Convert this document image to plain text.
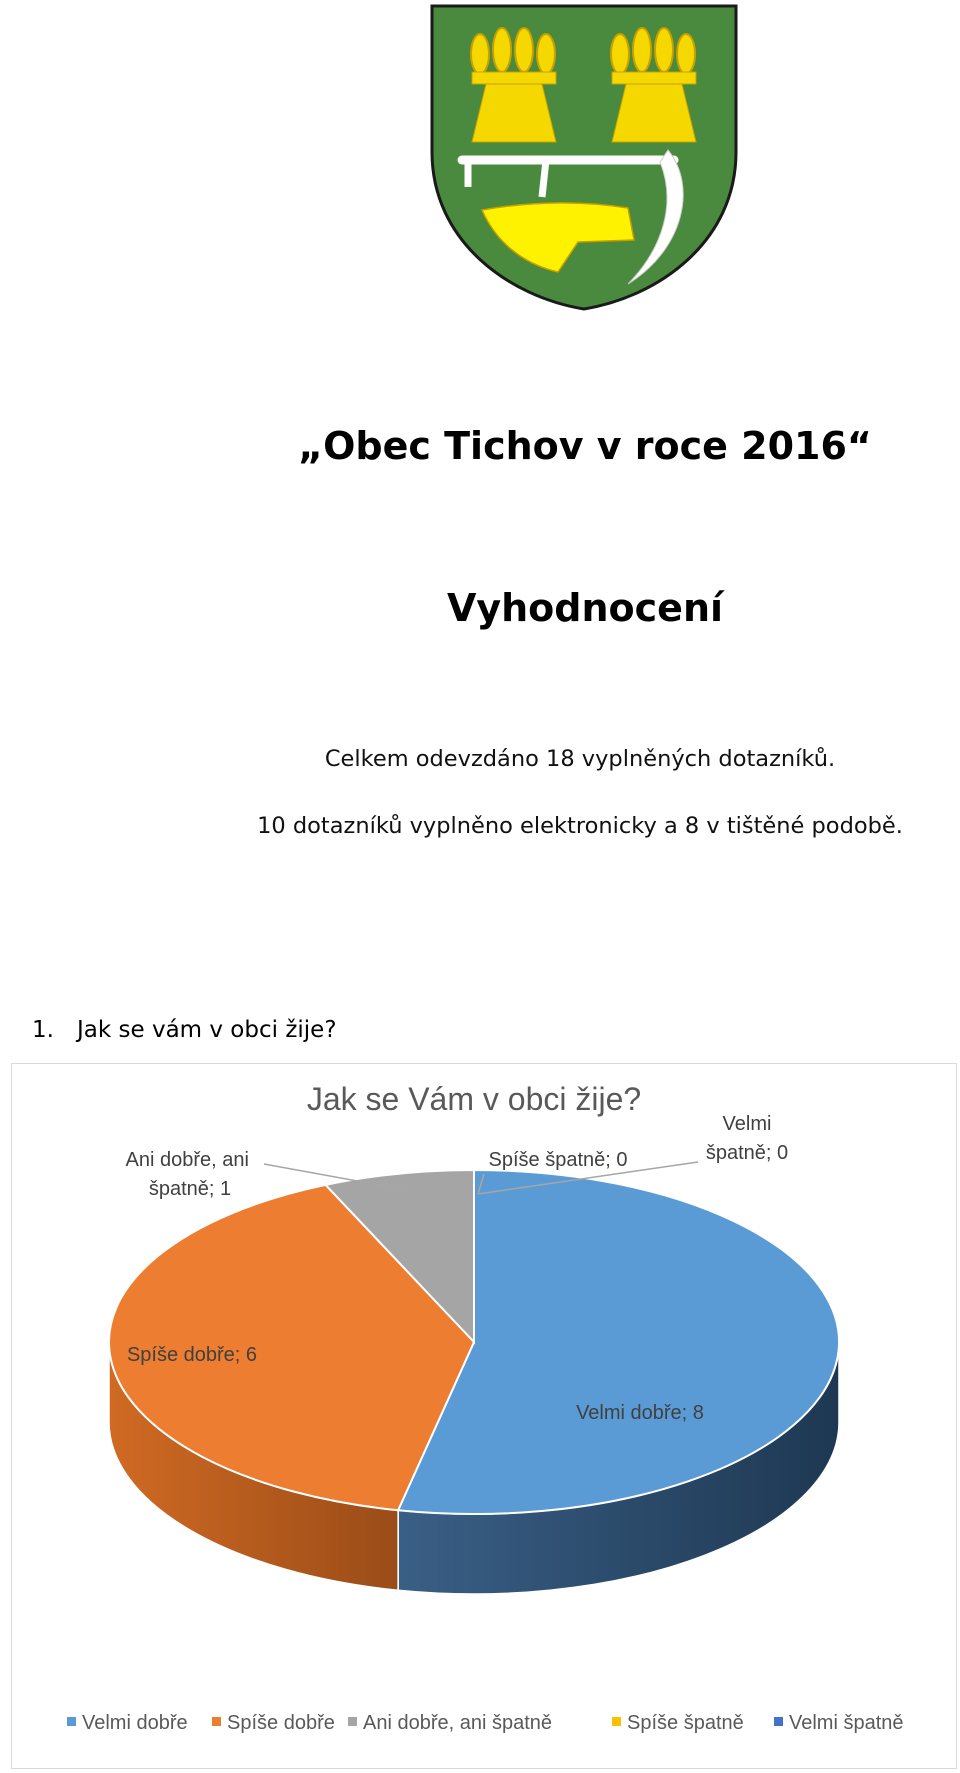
„Obec Tichov v roce 2016“
Vyhodnocení
Celkem odevzdáno 18 vyplněných dotazníků.
10 dotazníků vyplněno elektronicky a 8 v tištěné podobě.
1. Jak se vám v obci žije?
Velmi dobře; 8
Spíše dobře; 6
Ani dobře, ani špatně; 1
Spíše špatně; 0
Velmi špatně; 0
Jak se Vám v obci žije?
Velmi dobře Spíše dobře Ani dobře, ani špatně	Spíše špatně Velmi špatně
